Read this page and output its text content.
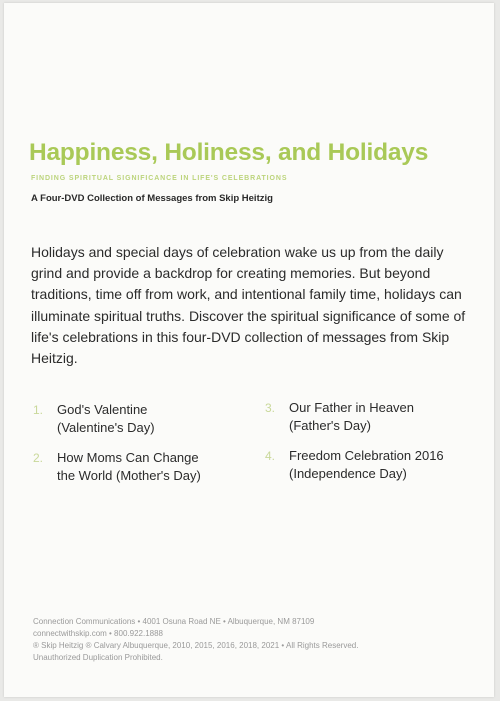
Happiness, Holiness, and Holidays
FINDING SPIRITUAL SIGNIFICANCE IN LIFE'S CELEBRATIONS
A Four-DVD Collection of Messages from Skip Heitzig
Holidays and special days of celebration wake us up from the daily grind and provide a backdrop for creating memories. But beyond traditions, time off from work, and intentional family time, holidays can illuminate spiritual truths. Discover the spiritual significance of some of life's celebrations in this four-DVD collection of messages from Skip Heitzig.
1. God's Valentine
(Valentine's Day)
2. How Moms Can Change
the World (Mother's Day)
3. Our Father in Heaven
(Father's Day)
4. Freedom Celebration 2016
(Independence Day)
Connection Communications • 4001 Osuna Road NE • Albuquerque, NM 87109
connectwithskip.com • 800.922.1888
® Skip Heitzig ® Calvary Albuquerque, 2010, 2015, 2016, 2018, 2021 • All Rights Reserved.
Unauthorized Duplication Prohibited.
